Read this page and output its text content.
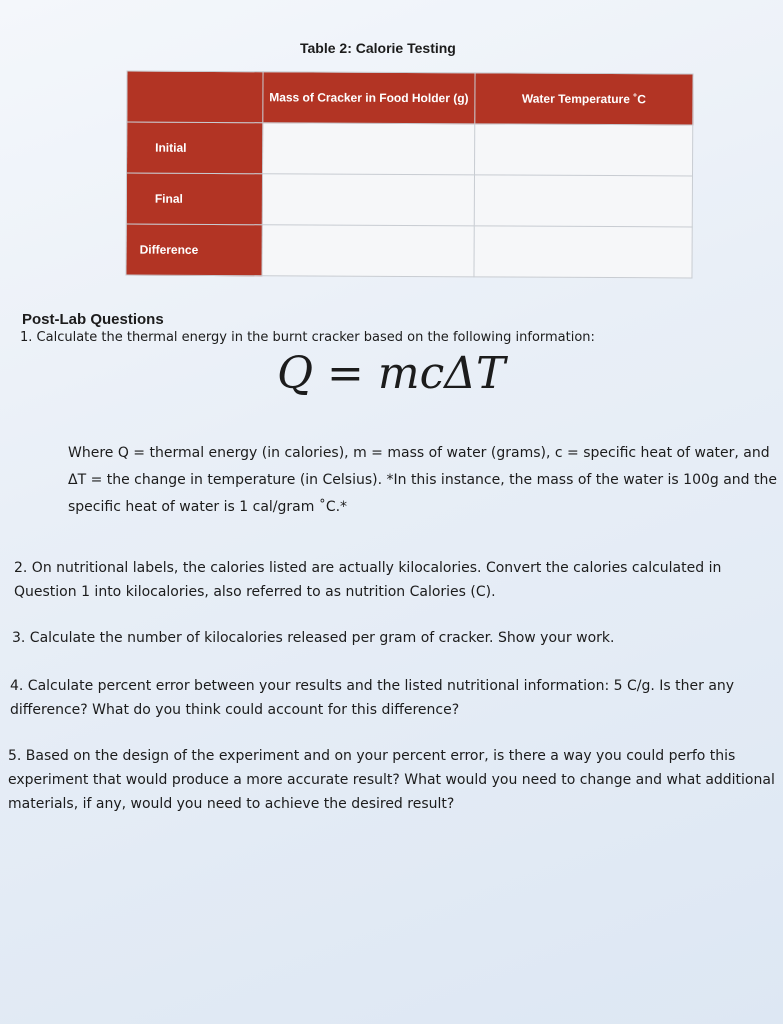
Table 2: Calorie Testing
	Mass of Cracker in Food Holder (g)	Water Temperature ˚C
Initial		
Final		
Difference		
Post-Lab Questions
1. Calculate the thermal energy in the burnt cracker based on the following information:
Q = mcΔT
Where Q = thermal energy (in calories), m = mass of water (grams), c = specific heat of water, and ΔT = the change in temperature (in Celsius). *In this instance, the mass of the water is 100g and the specific heat of water is 1 cal/gram ˚C.*
2. On nutritional labels, the calories listed are actually kilocalories. Convert the calories calculated in Question 1 into kilocalories, also referred to as nutrition Calories (C).
3. Calculate the number of kilocalories released per gram of cracker. Show your work.
4. Calculate percent error between your results and the listed nutritional information: 5 C/g. Is ther any difference? What do you think could account for this difference?
5. Based on the design of the experiment and on your percent error, is there a way you could perfo this experiment that would produce a more accurate result? What would you need to change and what additional materials, if any, would you need to achieve the desired result?
